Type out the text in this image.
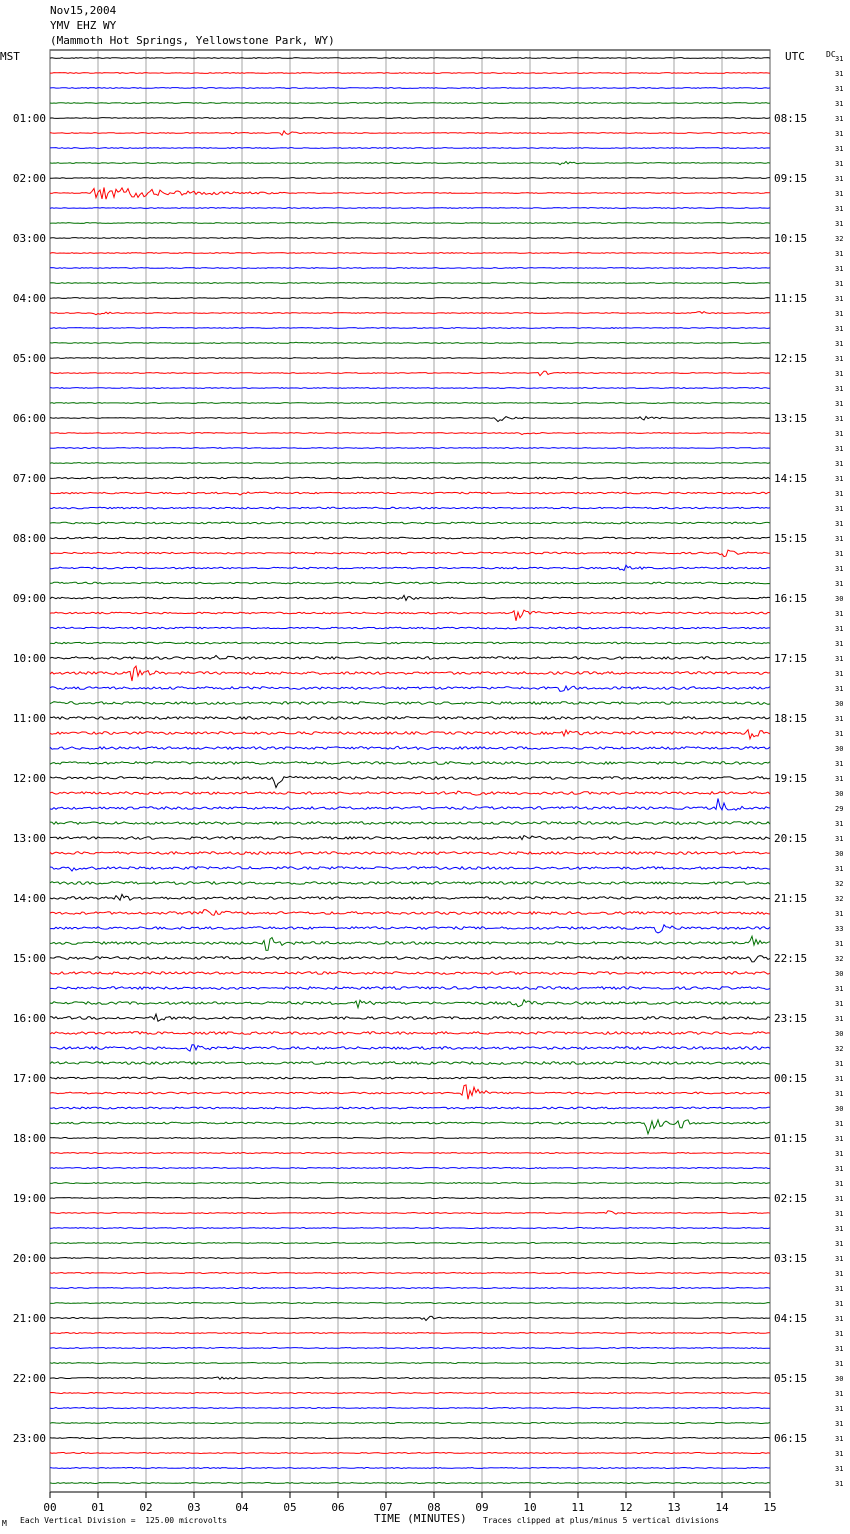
Nov15,2004
YMV EHZ WY
(Mammoth Hot Springs, Yellowstone Park, WY)
MST	UTC	DC
00	01	02	03	04	05	06	07	08	09	10	11	12	13	14	15
31
31
31
31
31
31
31
31
31
31
31
31
32
31
31
31
31
31
31
31
31
31
31
31
31
31
31
31
31
31
31
31
31
31
31
31
30
31
31
31
31
31
31
30
31
31
30
31
31
30
29
31
31
30
31
32
32
31
33
31
32
30
31
31
31
30
32
31
31
31
30
31
31
31
31
31
31
31
31
31
31
31
31
31
31
31
31
31
30
31
31
31
31
31
31
31
01:00	08:15
02:00	09:15
03:00	10:15
04:00	11:15
05:00	12:15
06:00	13:15
07:00	14:15
08:00	15:15
09:00	16:15
10:00	17:15
11:00	18:15
12:00	19:15
13:00	20:15
14:00	21:15
15:00	22:15
16:00	23:15
17:00	00:15
18:00	01:15
19:00	02:15
20:00	03:15
21:00	04:15
22:00	05:15
23:00	06:15
M Each Vertical Division =  125.00 microvolts	TIME (MINUTES) Traces clipped at plus/minus 5 vertical divisions
